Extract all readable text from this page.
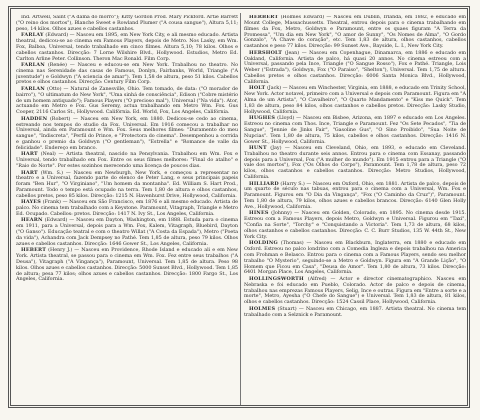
Ind. Artwell, Saint ("A dama do morro"); Kitty Gordon Prod. Mary Pickford. Artie Barrett ("O reino dos mortos"), Blanche Sweet e Rowland Plumer ("A cousa sangue"), Altura 5,11; peso, 14 kilos. Olhos azues e cabellos castanhos.

FARLAY (Edward) — Nasceu em 1895, em New York City, e ali mesmo educado. Artista theatral, dedicou-se ao cinema em Famous Players, depois de Metro. Nos Lasky, em Wm. Fox, Balboa, Universal, tendo trabalhado em cinco filmes. Altura 5,10; 78 kilos. Olhos e cabellos castanhos. Direcção: 7 Lorne Wilshire Blvd., Hollywood. Estudios, Metro Ed. Carlton Arline Peter. Collinson. Theron Mac Ronald. Film Corp.

FARLAN (Renée) — Nasceu e educou-se em New York. Trabalhou no theatro. No cinema nas Serenidade das casas de Famous, Donlyn, Fairbanks, World, Triangle ("A juventude") e Goldwyn ("A sciencia de amar"). Tem 1,58 de altura, peso 51 kilos. Cabellos pretos e olhos castanhos. Direcção: Century Film Corp.

FARLAN (Otto) — Natural de Zanesville, Ohio. Tem tomado, de data: ("O morador de bairro"), "O ultimatum do New York", "Uma sinhá de consciência", Edison ("Cobre mistério de um homem antiquado"); Famous Players ("O precioso mal"), Universal ("Na vida"). Ator, actuando em Metro e Fox. Gus Seremy, actua trabalhando em Metro Wm. Fox. Gus Cooper, 2116 Carlos St., Hollywood. Califórnia. Ed. World, Fox, Los Angeles, Califórnia.

HADDEN (Robert) — Nasceu em New York, em 1880. Dedicou-se cedo ao cinema, estreando nos tempos do studio da Fox. Universal. Em 1916 comecou a trabalhar no Universal, ainda em Paramount e Wm. Fox. Seus melhores filmes: "Duramento do meu sangue", "Indiscreta", "Perfil do Prince, e "Protectora do cinema". Desempenhou a corrida e ganhou o premio da Goldwyn ("O gentleman"), "Estrella" e "Romance de valle da felicidade". Endereço em branco.

HART (Neal) — Artista theatral, nascido na Pensylvania. Trabalhou em Wm. Fox e Universal, tendo trabalhado em Fox. Entre os seus filmes melhores: "Final do atalho" e "Raio do Norte". Por estes sozinhos merecendo uma licença de poucos dias.

HART (Wm. S.) — Nasceu em Newburgh, New York, e começou a representar no theatro e a Universal, fazendo parte do elenco de Peter Lang, e seus principais papeis foram "Ben Hur", "O Virginiano", "Um homem da montanha". Ed. William S. Hart Prod., Paramount. Todo o tempo está ocupado na terra. Tem 1,80 de altura e olhos castanhos, cabellos pretos, peso 85 kilos. Direcção: 1215 N. Havenhurst Drive, Hollywood, California.

HAYES (Frank) — Nasceu em São Francisco, em 1876 e ali mesmo educado. Artista de palco. No cinema tem trabalhado com a Keystone. Paramount, Vitagraph, Triangle e Metro Ed. Ocupado. Cabellos: pretos. Direcção: 1417 N. Ivy St., Los Angeles, California.

HEARN (Edward) — Nasceu em Dayton, Washington, em 1888. Estuda para o cinema em 1911, para a Universal, depois para a Wm. Fox, Kalem, Vitagraph, Bluebird, Dayton ("O Ganso"). Educação teatral e com o theatro Willat ("A Costa da Espada"), Metro ("Poeta da vida"), Achandra com Jack Dempsey no Pathé. Tem 1,85 de altura, peso 79 kilos. Olhos azues e cabellos castanhos. Direcção: 1646 Gower St., Los Angeles, California.

HEBERT (Henry J.) — Nasceu em Providence, Rhode Island e educado ali e em New York. Artista theatral, se passou para o cinema em Wm. Fox. Fez entre seus trabalhos ("A Deusa"), Vitagraph ("A Vingança"), Paramount, Universal. Tem 1,85 de altura. Peso 98 kilos. Olhos azues e cabellos castanhos. Direcção: 5000 Sunset Blvd., Hollywood. Tem 1,85 de altura; pesa 77 kilos; olhos azues e cabellos castanhos. Direcção: 1800 Fargo St., Los Angeles, California.

HERBERT (Holmes Edward) — Nasceu em Dublin, Irlanda, em 1882, e educado em Mount College, Massachussetts. Theatral, entrou depois para o cinema trabalhando em filmes da Fox, Metro, Goldwyn e Paramount, entre os quaes figuram "A Terra da Promessa", "Um dia em New York", "O amor de Sunny", "Os Nomes de Alma", "O Gordo Gonzalo", "A Chave do coração", etc. Tem 1,83 de altura, olhos castanhos, cabellos castanhos e peso 77 kilos. Direcção: 99 Sunset Ave., Bayside, L. I., New York City.

HERSHOLT (Jean) — Nasceu em Copenhague, Dinamarca, em 1886 e educado em Oakland, California. Artista de palco, há quasi 20 annos. No cinema estreou com a Universal, passando pela Ince, Triangle ("O Sangue Rosso"), Fox e Pathé. Triangle, Lois Weber ("Estrada"), Goldwyn, Fox ("O Paraiso", "Shelton"), Universal. Tem 1,75 de altura. Cabellos pretos e olhos castanhos. Direcção: 6006 Santa Monica Blvd., Hollywood, California.

HOLT (Jack) — Nasceu em Winchester, Virginia, em 1888, e educado em Trinity School, New York. Actor notavel, primeiro com a Universal e depois com Paramount. Figura em "A Alma de um Artista", "O Cavalheiro", "O Quarto Mandamento" e "Kiss me Quick". Tem 1,83 de altura, peso 84 kilos, olhos castanhos e cabellos pretos. Direcção: Lasky Studio, Hollywood, California.

HUGHES (Lloyd) — Nasceu em Bisbee, Arizona, em 1897 e educado em Los Angeles. Estreou no cinema com Thos. Ince, Triangle e Paramount. Fez "Os Sete Pecados", "Tia de Sangue", "Jennie de Jinks Fair", "Gasoline Gus", "O Sino Proibido", "Sua Noite de Nupcias". Tem 1,80 de altura, 75 kilos, cabellos e olhos castanhos. Direcção: 1416 N. Gower St., Hollywood, California.

HUNT (Jay) — Nasceu em Cleveland, Ohio, em 1893, e educado em Cleveland. Trabalhou no theatro durante seis annos. Entrou para o cinema com Essanay, passando depois para a Universal, Fox ("A mulher do mundo"). Em 1915 entrou para a Triangle ("O vale dos mortos"), Fox ("Os Olhos do Corpo"), Paramount. Tem 1,78 de altura, peso 72 kilos, olhos castanhos e cabellos castanhos. Direcção: Metro Studios, Hollywood, California.

HILLIARD (Harry S.) — Nasceu em Oxford, Ohio, em 1881. Artista de palco, depois de um quarto de século nas tabuas, entrou para o cinema com a Universal, Wm. Fox e Paramount. Figurou em "O Dia da Vingança", "Fox ("O Caminho da Cruz")", Paramount. Tem 1,80 de altura, 79 kilos, olhos azues e cabellos brancos. Direcção: 6140 Glen Holly Ave., Hollywood, California.

HINES (Johnny) — Nasceu em Golden, Colorado, em 1895. No cinema desde 1915. Estreou com a Famous Players, depois Metro, Goldwyn e Universal. Figurou em "Taxi", "Confia na Sorte", "Torchy" e "Conquistando a Victoria". Tem 1,73 de altura, 68 kilos, olhos castanhos e cabellos castanhos. Direcção: C. C. Burr Studios, 135 W. 44th St., New York City.

HOLDING (Thomas) — Nasceu em Blackburn, Inglaterra, em 1880 e educado em Oxford. Estreou no palco londrino com a Comedia Ingleza e depois trabalhou na America com Frohman e Belasco. Entrou para o cinema com a Famous Players, sendo seu melhor trabalho "O Mysterio", seguindo-se a Metro e Goldwyn. Figura em "A Grande Lição", "O Homem que Ficou em Casa", "Deusa do Amor". Tem 1,80 de altura, 73 kilos. Direcção: 6401 Morgan Place, Los Angeles, California.

HOLLINGSWORTH (Alfred) — Actor e director cinematographico. Nasceu em Nebraska e foi educado em Pueblo, Colorado. Actor de palco e depois de cinema, trabalhou nas emprezas Famous Players, Selig, Ince e outras. Figura em "Entre a sorte e a morte", Metro, Ayesha ("O Chefe do Sangue") e Universal. Tem 1,83 de altura, 81 kilos, olhos e cabellos castanhos. Direcção: 1524 Cassil Place, Hollywood, California.

HOLMES (Stuart) — Nasceu em Chicago, em 1887. Artista theatral. No cinema tem trabalhado com a Selznick e Paramount.
